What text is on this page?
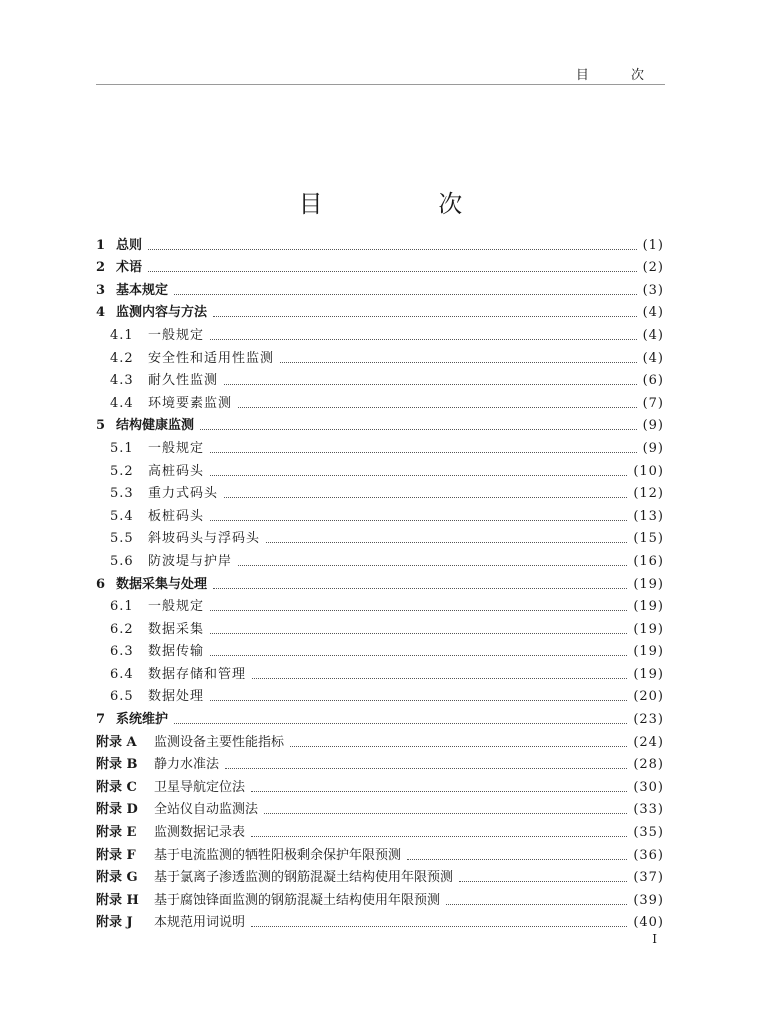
目 次
目 次
1 总则	(1)
2 术语	(2)
3 基本规定	(3)
4 监测内容与方法	(4)
4.1	一般规定	(4)
4.2	安全性和适用性监测	(4)
4.3	耐久性监测	(6)
4.4	环境要素监测	(7)
5 结构健康监测	(9)
5.1	一般规定	(9)
5.2	高桩码头	(10)
5.3	重力式码头	(12)
5.4	板桩码头	(13)
5.5	斜坡码头与浮码头	(15)
5.6	防波堤与护岸	(16)
6 数据采集与处理	(19)
6.1	一般规定	(19)
6.2	数据采集	(19)
6.3	数据传输	(19)
6.4	数据存储和管理	(19)
6.5	数据处理	(20)
7 系统维护	(23)
附录 A	监测设备主要性能指标	(24)
附录 B	静力水准法	(28)
附录 C	卫星导航定位法	(30)
附录 D	全站仪自动监测法	(33)
附录 E	监测数据记录表	(35)
附录 F	基于电流监测的牺牲阳极剩余保护年限预测	(36)
附录 G	基于氯离子渗透监测的钢筋混凝土结构使用年限预测	(37)
附录 H	基于腐蚀锋面监测的钢筋混凝土结构使用年限预测	(39)
附录 J	本规范用词说明	(40)
I
